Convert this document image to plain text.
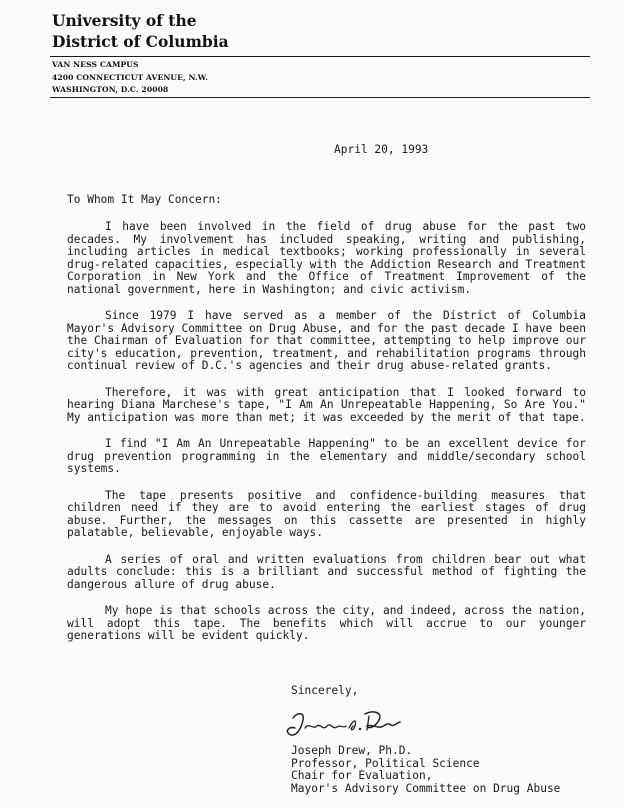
University of the
District of Columbia
VAN NESS CAMPUS
4200 CONNECTICUT AVENUE, N.W.
WASHINGTON, D.C. 20008
April 20, 1993
To Whom It May Concern:

I have been involved in the field of drug abuse for the past two decades. My involvement has included speaking, writing and publishing, including articles in medical textbooks; working professionally in several drug-related capacities, especially with the Addiction Research and Treatment Corporation in New York and the Office of Treatment Improvement of the national government, here in Washington; and civic activism.

Since 1979 I have served as a member of the District of Columbia Mayor's Advisory Committee on Drug Abuse, and for the past decade I have been the Chairman of Evaluation for that committee, attempting to help improve our city's education, prevention, treatment, and rehabilitation programs through continual review of D.C.'s agencies and their drug abuse-related grants.

Therefore, it was with great anticipation that I looked forward to hearing Diana Marchese's tape, "I Am An Unrepeatable Happening, So Are You." My anticipation was more than met; it was exceeded by the merit of that tape.

I find "I Am An Unrepeatable Happening" to be an excellent device for drug prevention programming in the elementary and middle/secondary school systems.

The tape presents positive and confidence-building measures that children need if they are to avoid entering the earliest stages of drug abuse. Further, the messages on this cassette are presented in highly palatable, believable, enjoyable ways.

A series of oral and written evaluations from children bear out what adults conclude: this is a brilliant and successful method of fighting the dangerous allure of drug abuse.

My hope is that schools across the city, and indeed, across the nation, will adopt this tape. The benefits which will accrue to our younger generations will be evident quickly.

Sincerely,
Joseph Drew, Ph.D.
Professor, Political Science
Chair for Evaluation,
Mayor's Advisory Committee on Drug Abuse
